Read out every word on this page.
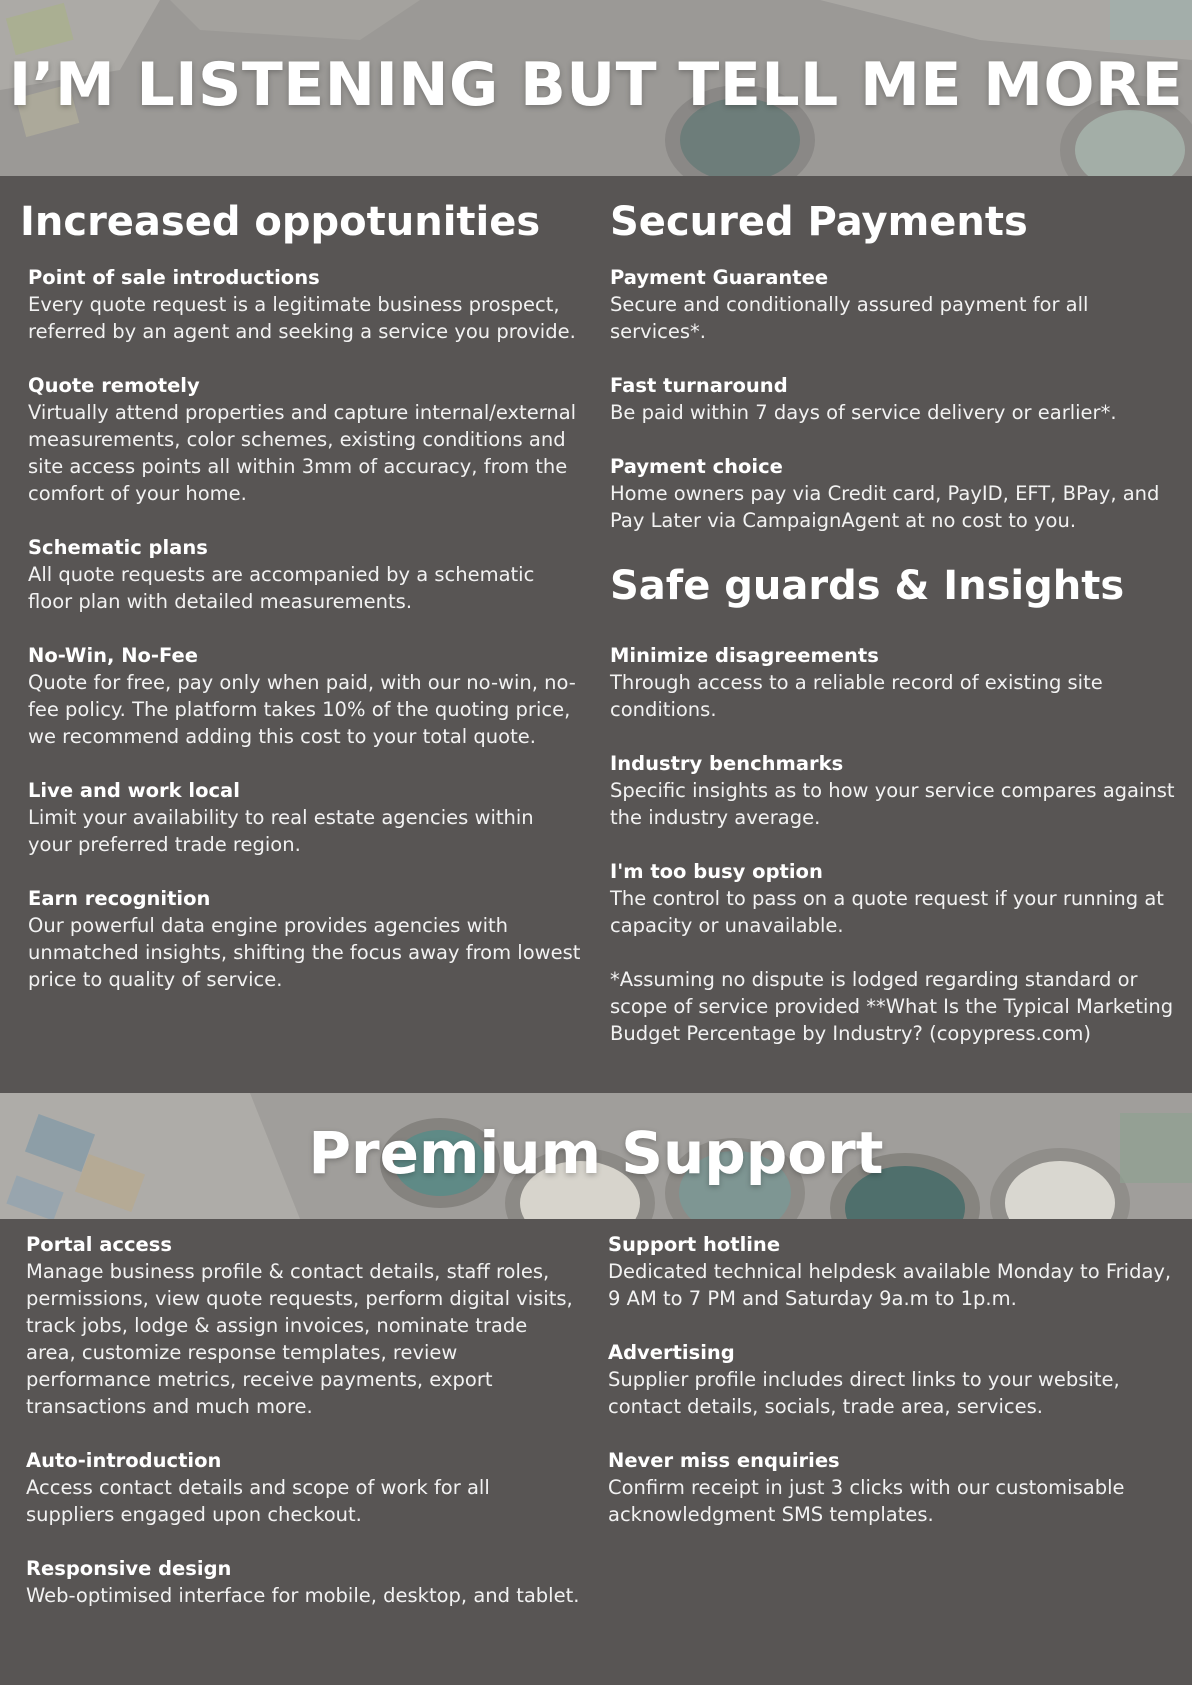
I’M LISTENING BUT TELL ME MORE
Increased oppotunities

Point of sale introductions

Every quote request is a legitimate business prospect, referred by an agent and seeking a service you provide.

Quote remotely

Virtually attend properties and capture internal/external measurements, color schemes, existing conditions and site access points all within 3mm of accuracy, from the comfort of your home.

Schematic plans

All quote requests are accompanied by a schematic floor plan with detailed measurements.

No-Win, No-Fee

Quote for free, pay only when paid, with our no-win, no-fee policy. The platform takes 10% of the quoting price, we recommend adding this cost to your total quote.

Live and work local

Limit your availability to real estate agencies within your preferred trade region.

Earn recognition

Our powerful data engine provides agencies with unmatched insights, shifting the focus away from lowest price to quality of service.

Secured Payments

Payment Guarantee

Secure and conditionally assured payment for all services*.

Fast turnaround

Be paid within 7 days of service delivery or earlier*.

Payment choice

Home owners pay via Credit card, PayID, EFT, BPay, and Pay Later via CampaignAgent at no cost to you.

Safe guards & Insights

Minimize disagreements

Through access to a reliable record of existing site conditions.

Industry benchmarks

Specific insights as to how your service compares against the industry average.

I'm too busy option

The control to pass on a quote request if your running at capacity or unavailable.

*Assuming no dispute is lodged regarding standard or scope of service provided **What Is the Typical Marketing Budget Percentage by Industry? (copypress.com)

Premium Support

Portal access

Manage business profile & contact details, staff roles, permissions, view quote requests, perform digital visits, track jobs, lodge & assign invoices, nominate trade area, customize response templates, review performance metrics, receive payments, export transactions and much more.

Auto-introduction

Access contact details and scope of work for all suppliers engaged upon checkout.

Responsive design

Web-optimised interface for mobile, desktop, and tablet.

Support hotline

Dedicated technical helpdesk available Monday to Friday, 9 AM to 7 PM and Saturday 9a.m to 1p.m.

Advertising

Supplier profile includes direct links to your website, contact details, socials, trade area, services.

Never miss enquiries

Confirm receipt in just 3 clicks with our customisable acknowledgment SMS templates.
